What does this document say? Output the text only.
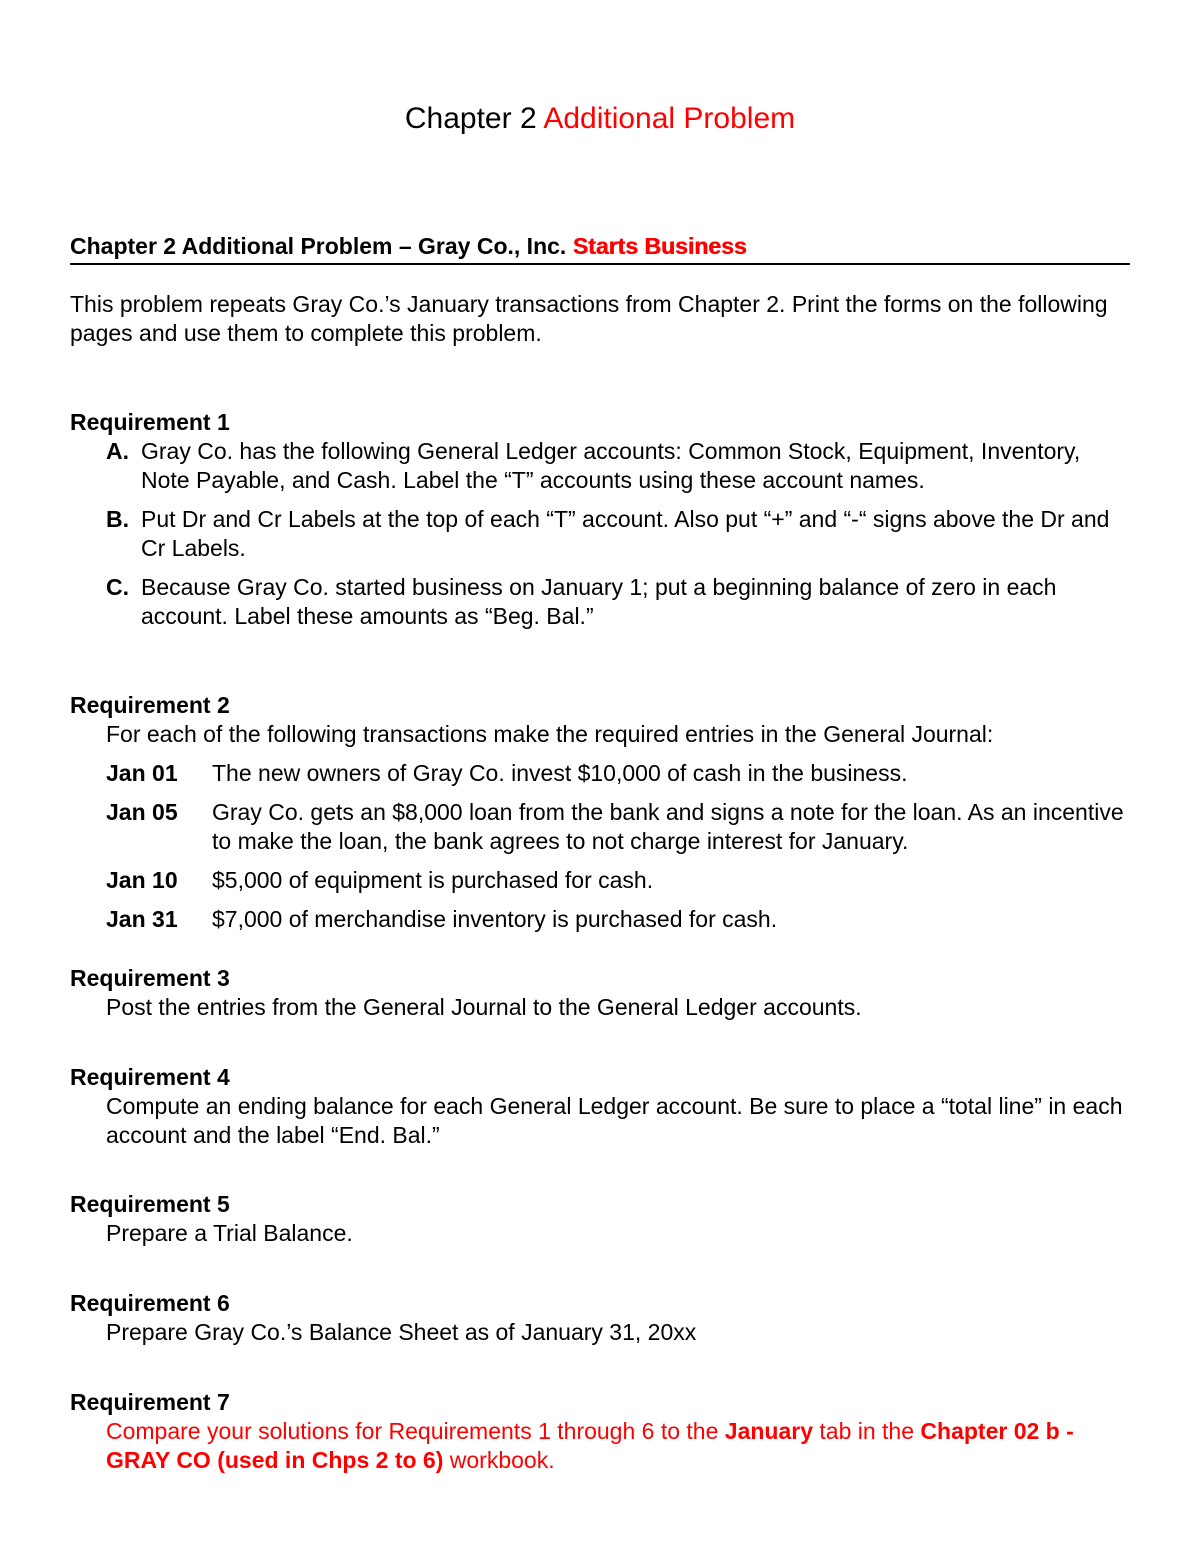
Chapter 2 Additional Problem
Chapter 2 Additional Problem – Gray Co., Inc. Starts Business
This problem repeats Gray Co.’s January transactions from Chapter 2. Print the forms on the following pages and use them to complete this problem.
Requirement 1
A. Gray Co. has the following General Ledger accounts: Common Stock, Equipment, Inventory, Note Payable, and Cash. Label the “T” accounts using these account names.
B. Put Dr and Cr Labels at the top of each “T” account. Also put “+” and “-“ signs above the Dr and Cr Labels.
C. Because Gray Co. started business on January 1; put a beginning balance of zero in each account. Label these amounts as “Beg. Bal.”
Requirement 2
For each of the following transactions make the required entries in the General Journal:
Jan 01	The new owners of Gray Co. invest $10,000 of cash in the business.
Jan 05	Gray Co. gets an $8,000 loan from the bank and signs a note for the loan. As an incentive to make the loan, the bank agrees to not charge interest for January.
Jan 10	$5,000 of equipment is purchased for cash.
Jan 31	$7,000 of merchandise inventory is purchased for cash.
Requirement 3
Post the entries from the General Journal to the General Ledger accounts.
Requirement 4
Compute an ending balance for each General Ledger account. Be sure to place a “total line” in each account and the label “End. Bal.”
Requirement 5
Prepare a Trial Balance.
Requirement 6
Prepare Gray Co.’s Balance Sheet as of January 31, 20xx
Requirement 7
Compare your solutions for Requirements 1 through 6 to the January tab in the Chapter 02 b - GRAY CO (used in Chps 2 to 6) workbook.
